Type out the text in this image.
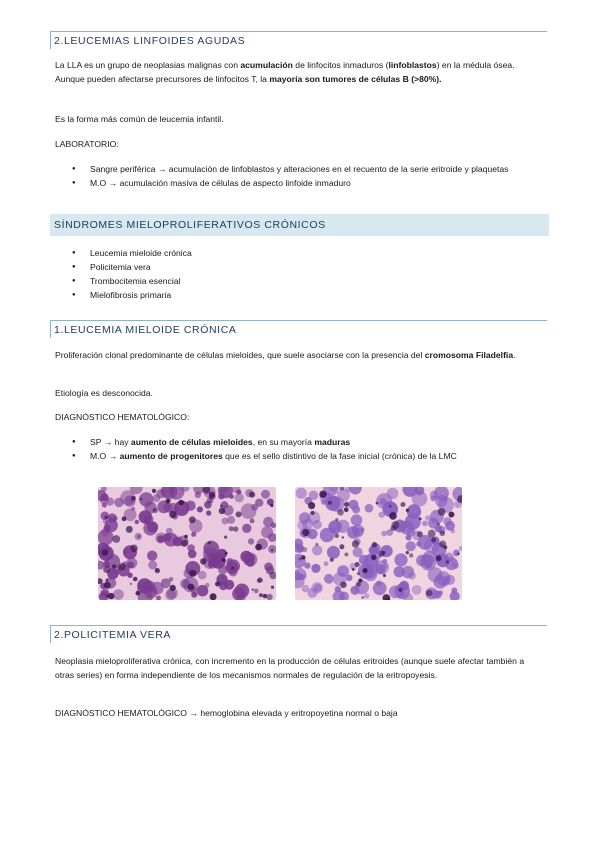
2.LEUCEMIAS LINFOIDES AGUDAS
La LLA es un grupo de neoplasias malignas con acumulación de linfocitos inmaduros (linfoblastos) en la médula ósea. Aunque pueden afectarse precursores de linfocitos T, la mayoría son tumores de células B (>80%).
Es la forma más común de leucemia infantil.
LABORATORIO:
● Sangre periférica → acumulación de linfoblastos y alteraciones en el recuento de la serie eritroide y plaquetas
● M.O → acumulación masiva de células de aspecto linfoide inmaduro
SÍNDROMES MIELOPROLIFERATIVOS CRÓNICOS
● Leucemia mieloide crónica
● Policitemia vera
● Trombocitemia esencial
● Mielofibrosis primaria
1.LEUCEMIA MIELOIDE CRÓNICA
Proliferación clonal predominante de células mieloides, que suele asociarse con la presencia del cromosoma Filadelfia.
Etiología es desconocida.
DIAGNÓSTICO HEMATOLÓGICO:
● SP → hay aumento de células mieloides, en su mayoría maduras
● M.O → aumento de progenitores que es el sello distintivo de la fase inicial (crónica) de la LMC
2.POLICITEMIA VERA
Neoplasia mieloproliferativa crónica, con incremento en la producción de células eritroides (aunque suele afectar también a otras series) en forma independiente de los mecanismos normales de regulación de la eritropoyesis.
DIAGNÓSTICO HEMATOLÓGICO → hemoglobina elevada y eritropoyetina normal o baja
